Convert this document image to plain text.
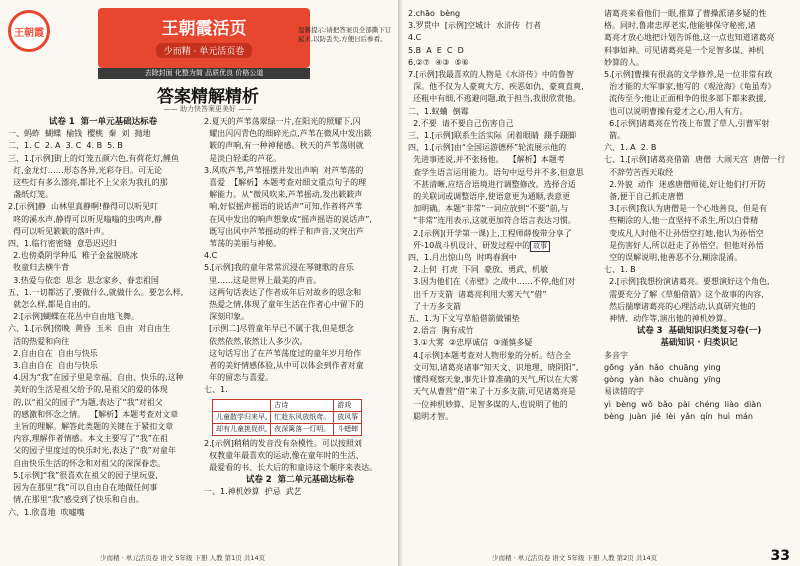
王朝霞	王朝霞活页
少而精 · 单元活页卷
温馨提示:请把答案页全部撕下订起来,以防丢失,方便日后参看。
去除封面 化整为简 品质优良 价格公道
答案精解精析
—— 助力快答案更美好 ——
试卷 1  第一单元基础达标卷
一、蚂蚱  蝴蝶  榆钱  樱桃  秦  刘  抛地
二、1. C  2. A  3. C  4. B  5. B
三、1.[示例]街上的灯笼五颜六色,有荷花灯,鲤鱼
灯,金龙灯……形态各异,光彩夺目。可无论
这些灯有多么漂亮,都比不上父亲为我扎的那
盏纸灯笼。
2.[示例]静  山林里真静啊!静得可以听见叮
咚的溪水声,静得可以听见嗡嗡的虫鸣声,静
得可以听见簌簌的落叶声。
四、1.临行密密缝  意恐迟迟归
2.也傍桑阴学种瓜  稚子金盆脱晓冰
牧童归去横牛背
3.热爱与依恋  思念  思念家乡、眷恋祖国
五、1.一切都活了,要做什么,就做什么。要怎么样,
就怎么样,都是自由的。
2.[示例]蝴蝶在花丛中自由地飞舞。
六、1.[示例]傍晚  黄昏  玉米  自由  对自由生
活的热爱和向往
2.自由自在  自由与快乐
3.自由自在  自由与快乐
4.因为“我”在园子里是幸福、自由、快乐的,这种
美好的生活是祖父给予的,是祖父的爱的体现
的,以“祖父的园子”为题,表达了“我”对祖父
的感激和怀念之情。  【解析】本题考查对文章
主旨的理解。解答此类题的关键在于紧扣文章
内容,理解作者情感。本文主要写了“我”在祖
父的园子里度过的快乐时光,表达了“我”对童年
自由快乐生活的怀念和对祖父的深深眷恋。
5.[示例]“我”很喜欢在祖父的园子里玩耍,
因为在那里“我”可以自由自在地做任何事
情,在那里“我”感受到了快乐和自由。
六、1.欣喜地  吹嘘嘴
2.夏天的芦苇荡翠绿一片,在阳光的照耀下,闪
耀出闪闪青色的细碎光点,芦苇在微风中发出簌
簌的声响,有一种神秘感。秋天的芦苇荡则就
是淡白轻柔的芦花。
3.风吹芦苇,芦苇摇摆并发出声响  对芦苇荡的
喜爱  【解析】本题考查对细文重点句子的理
解能力。从“微风吹来,芦苇摇动,发出簌簌声
响,好似摇声摇语的说话声”可知,作者将芦苇
在风中发出的响声想象成“摇声摇语的说话声”,
既写出风中芦苇摇动的样子和声音,又突出芦
苇荡的美丽与神秘。
4.C
5.[示例]我的童年常常沉浸在琴键歌的音乐
里……这是世界上最美的声音。
这两句话表达了作者成年后对故乡的思念和
热爱之情,体现了童年生活在作者心中留下的
深刻印象。
[示例二]尽管童年早已不属于我,但是想念
依然依然,依然让人多少次。
这句话写出了在芦苇荡度过的童年岁月给作
者的美好情感体验,从中可以体会到作者对童
年的留恋与喜爱。
七、1.
	古诗	游戏
儿童散学归来早,	忙趁东风放纸鸢。	放风筝
却有儿童挑促织,	夜深篱落一灯明。	斗蟋蟀
2.[示例]稍稍的发音没有杂模性。可以按照刘
权教童年最喜欢的运动,像在童年时的生活、
最爱看的书、长大后的和童诗这个顺序来表达。
试卷 2  第二单元基础达标卷
一、1.神机妙算  护忌  武艺
少而精 · 单元活页卷 语文 5年级 下册 人教 第1页 共14页
2.chāo  bèng
3.罗贯中  [示例]空城计  水浒传  行者
4.C
5.B  A  E  C  D
6.②⑦  ④③  ⑤⑥
7.[示例]我最喜欢的人物是《水浒传》中的鲁智
深。他不仅为人豪爽大方、疾恶如仇、豪爽直爽,
还粗中有细,不逃避问题,敢于担当,我很欣赏他。
二、1.蚁蛐  倒霉
2.不要  请不要自己伤害自己
三、1.[示例]联系生活实际  闭着眼睛  蹑手蹑脚
四、1.[示例]由“全国运游德杯”轮流展示他的
先进事迹说,并不张扬他。  【解析】本题考
查学生语言运用能力。语句中逗号并不多,但意思
不甚清晰,应结合语境进行调整修改。选择合适
的关联词或调整语序,使语意更为通顺,表意更
加明确。本题“非常”一词应放到“不要”前,与
“非常”连用表示,这就更加符合语言表达习惯。
2.[示例](开学第一课)上,工程师薛俊带分享了
歼-10战斗机设计、研发过程中的 故事
四、1.月出惊山鸟  时鸣春涧中
2.上何  打虎  下同  豪放、勇武、机敏
3.因为他们在《赤壁》之战中……不停,他们对
出千万支箭  诸葛亮利用大雾天气“借”
了十万多支箭
五、1.为下文写草船借箭做铺垫
2.语言  胸有成竹
3.①大雾  ②忠厚诚信  ③谨慎多疑
4.[示例]本题考查对人物形象的分析。结合全
文可知,诸葛亮诸事“知天文、识地理、晓阴阳”,
懂得观察天象,事先计算准确的天气,所以在大雾
天气从曹营“借”来了十万多支箭,可见诸葛亮是
一位神机妙算、足智多谋的人,也说明了他的
聪明才智。
诸葛亮来看他们一眼,推算了曹操派诸多疑的性
格。同时,鲁肃忠厚老实,他能够保守秘密,诸
葛亮才放心地把计划告诉他,这一点也知道诸葛亮
料事如神。可见诸葛亮是一个足智多谋、神机
妙算的人。
5.[示例]曹操有很高的文学修养,是一位非常有政
治才能的大军事家,他写的《观沧海》《龟虽寿》
流传至今;他让正面相争的很多部下都来救援,
也可以说明曹操有爱才之心,用人有方。
6.[示例]诸葛亮在竹筏上布置了草人,引曹军射
箭。
六、1. A  2. B
七、1.[示例]诸葛亮借箭  唐僧  大闹天宫  唐僧一行
不辞劳苦西天取经
2.外貌  动作  迷惑唐僧师徒,好让他们打开防
备,便于自己抓走唐僧
3.[示例]我认为唐僧是一个心地善良、但是有
些糊涂的人,他一直坚持不杀生,所以白骨精
变成凡人时他不让孙悟空打她,他认为孙悟空
是伤害好人,所以赶走了孙悟空。但他对孙悟
空的误解说明,他善恶不分,糊涂混淆。
七、1. B
2.[示例]我想扮演诸葛亮。要想演好这个角色,
需要充分了解《草船借箭》这个故事的内容,
然后揣摩诸葛亮的心理活动,认真研究他的
神情、动作等,演出他的神机妙算。
试卷 3  基础知识归类复习卷(一)
基础知识 · 归类识记
多音字
gōng  yǎn  hǎo  chuāng  ying
gòng  yàn  hào  chuàng  yīng
易读错的字
yì  bèng  wǒ  bǎo  pài  chéng  liào  diàn
bèng  juàn  jié  lèi  yǎn  qín  huì  mán
少而精 · 单元活页卷 语文 5年级 下册 人教 第2页 共14页	33
